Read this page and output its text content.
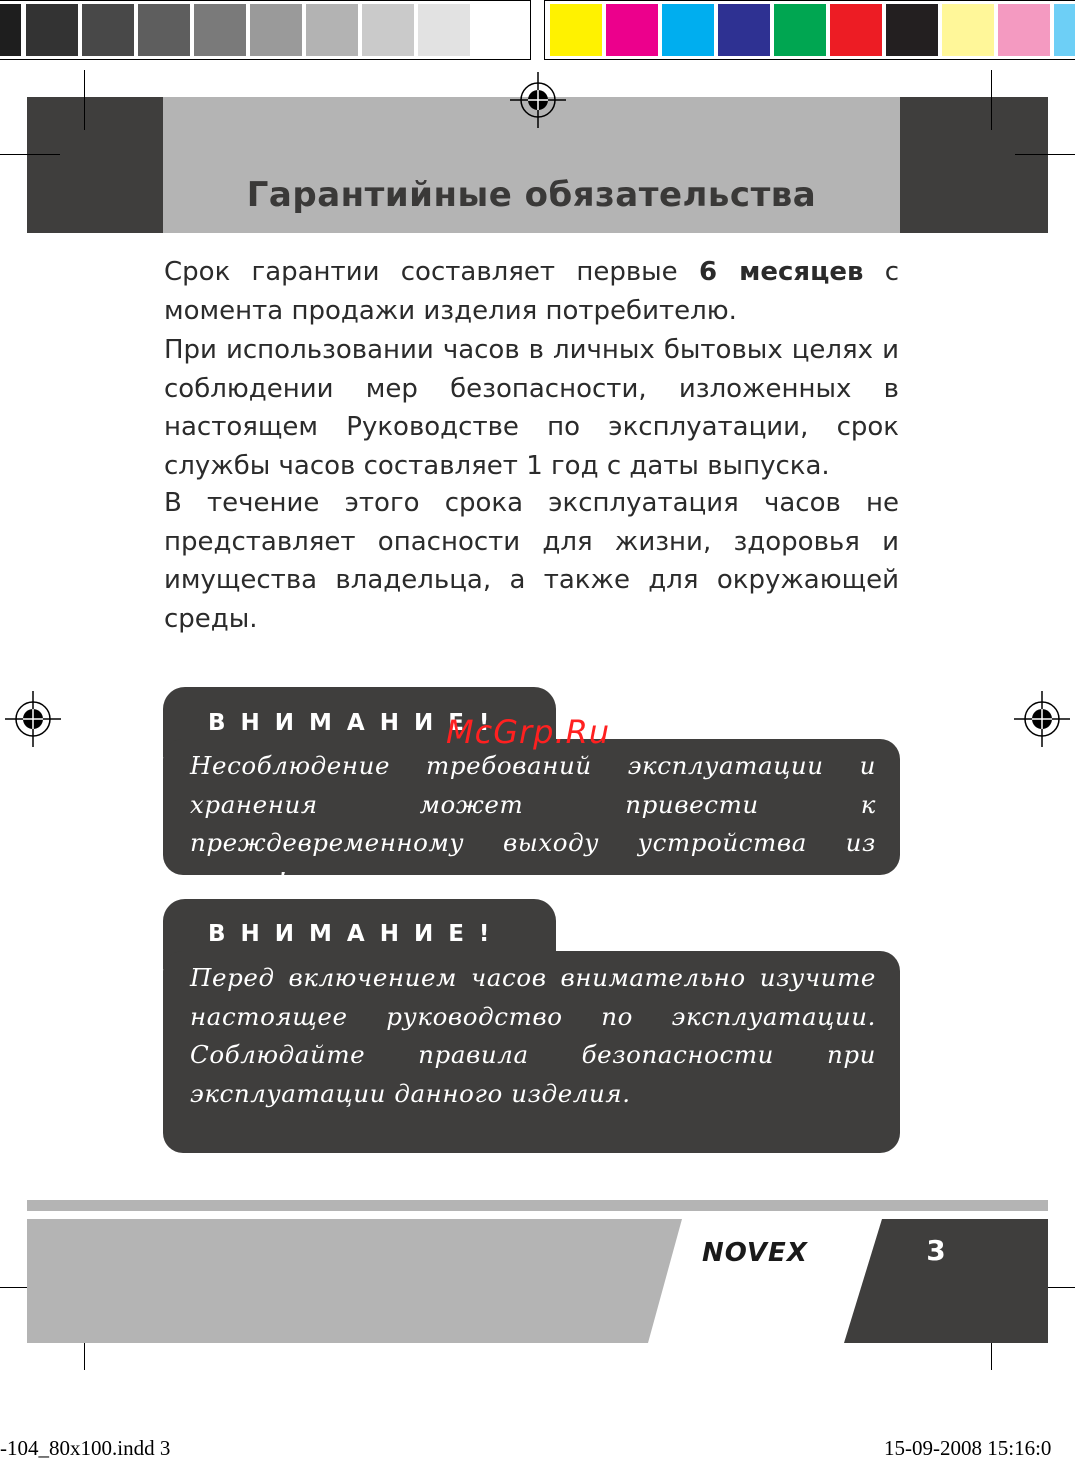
Гарантийные обязательства

Срок гарантии составляет первые 6 месяцев с момента продажи изделия потребителю.

При использовании часов в личных бытовых целях и соблюдении мер безопасности, изложенных в настоящем Руководстве по эксплуатации, срок службы часов составляет 1 год с даты выпуска.

В течение этого срока эксплуатация часов не представляет опасности для жизни, здоровья и имущества владельца, а также для окружающей среды.

ВНИМАНИЕ!

Несоблюдение требований эксплуатации и хранения может привести к преждевременному выходу устройства из строя!

ВНИМАНИЕ!

Перед включением часов внимательно изучите настоящее руководство по эксплуатации. Соблюдайте правила безопасности при эксплуатации данного изделия.

McGrp.Ru
NOVEX	3
-104_80x100.indd 3	15-09-2008 15:16:0
